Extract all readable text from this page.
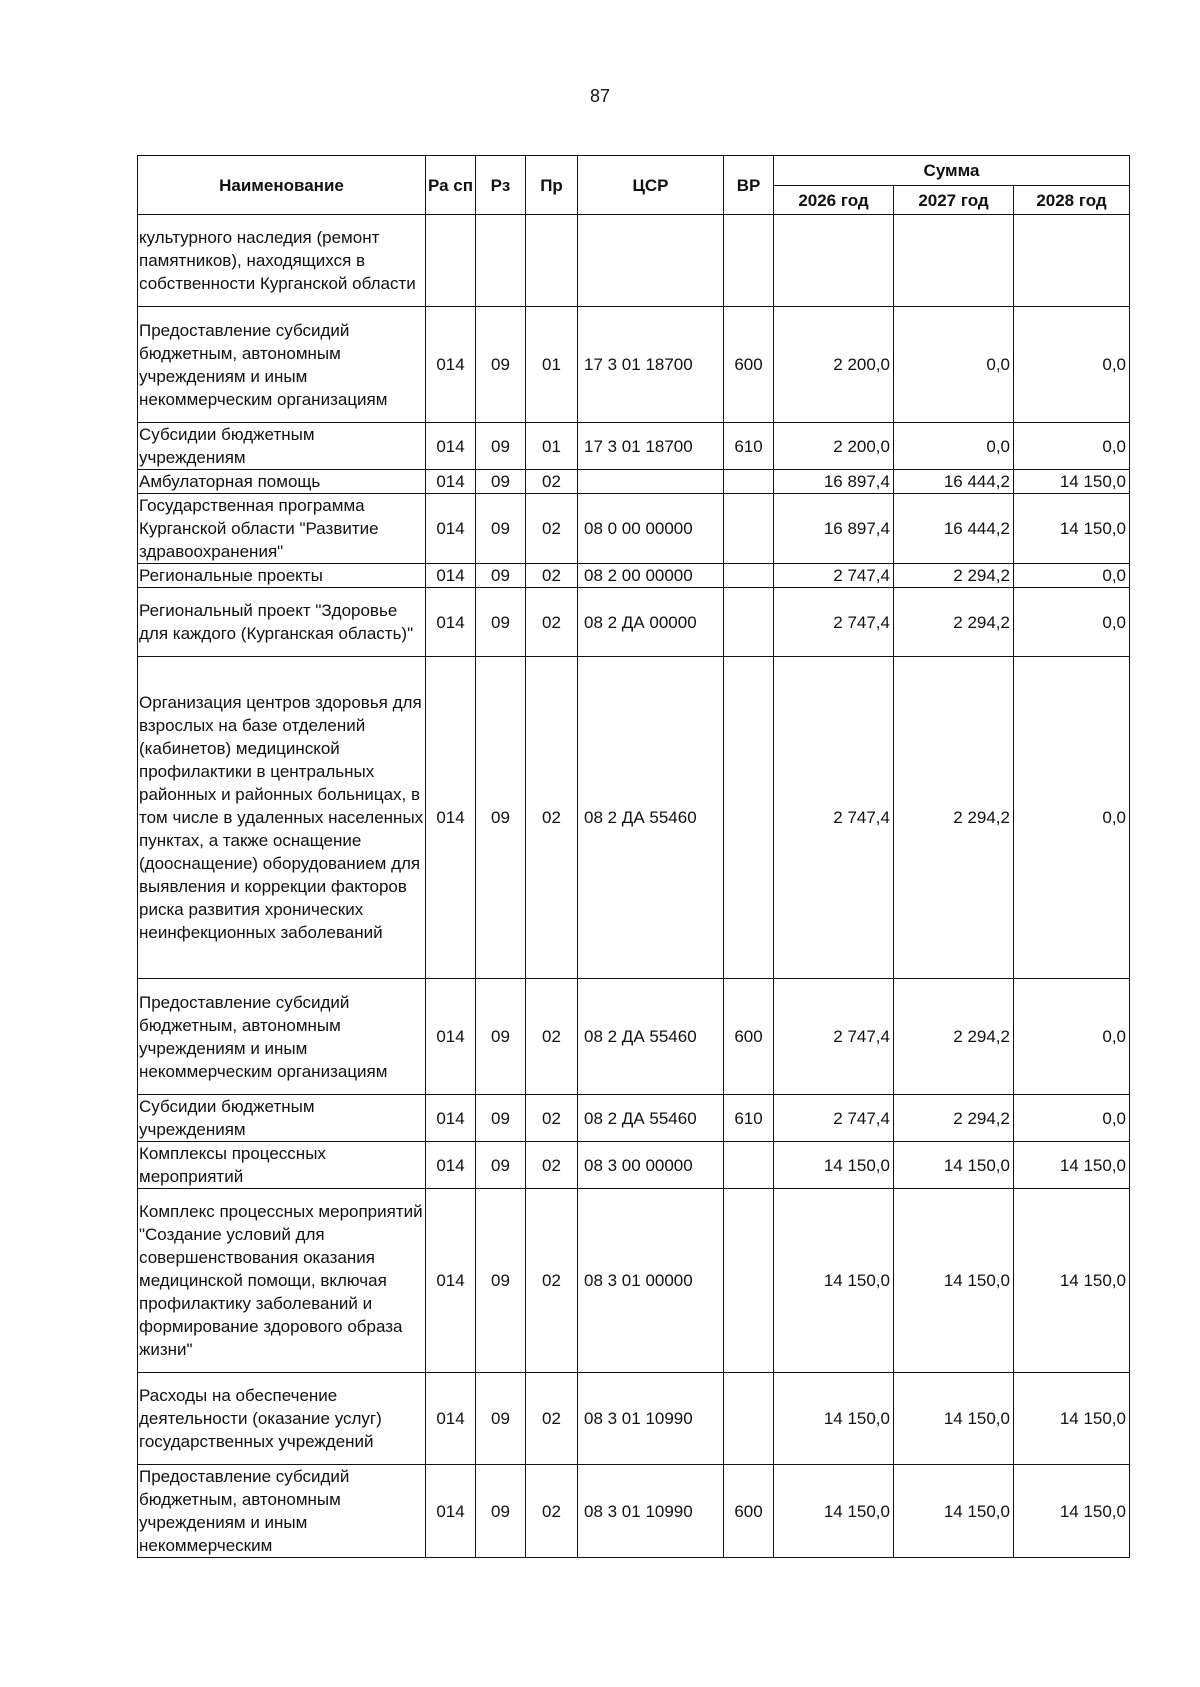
87
Наименование	Ра сп	Рз	Пр	ЦСР	ВР	Сумма		
						2026 год	2027 год	2028 год
культурного наследия (ремонт памятников), находящихся в собственности Курганской области								
Предоставление субсидий бюджетным, автономным учреждениям и иным некоммерческим организациям	014	09	01	17 3 01 18700	600	2 200,0	0,0	0,0
Субсидии бюджетным учреждениям	014	09	01	17 3 01 18700	610	2 200,0	0,0	0,0
Амбулаторная помощь	014	09	02			16 897,4	16 444,2	14 150,0
Государственная программа Курганской области "Развитие здравоохранения"	014	09	02	08 0 00 00000		16 897,4	16 444,2	14 150,0
Региональные проекты	014	09	02	08 2 00 00000		2 747,4	2 294,2	0,0
Региональный проект "Здоровье для каждого (Курганская область)"	014	09	02	08 2 ДА 00000		2 747,4	2 294,2	0,0
Организация центров здоровья для взрослых на базе отделений (кабинетов) медицинской профилактики в центральных районных и районных больницах, в том числе в удаленных населенных пунктах, а также оснащение (дооснащение) оборудованием для выявления и коррекции факторов риска развития хронических неинфекционных заболеваний	014	09	02	08 2 ДА 55460		2 747,4	2 294,2	0,0
Предоставление субсидий бюджетным, автономным учреждениям и иным некоммерческим организациям	014	09	02	08 2 ДА 55460	600	2 747,4	2 294,2	0,0
Субсидии бюджетным учреждениям	014	09	02	08 2 ДА 55460	610	2 747,4	2 294,2	0,0
Комплексы процессных мероприятий	014	09	02	08 3 00 00000		14 150,0	14 150,0	14 150,0
Комплекс процессных мероприятий "Создание условий для совершенствования оказания медицинской помощи, включая профилактику заболеваний и формирование здорового образа жизни"	014	09	02	08 3 01 00000		14 150,0	14 150,0	14 150,0
Расходы на обеспечение деятельности (оказание услуг) государственных учреждений	014	09	02	08 3 01 10990		14 150,0	14 150,0	14 150,0
Предоставление субсидий бюджетным, автономным учреждениям и иным некоммерческим	014	09	02	08 3 01 10990	600	14 150,0	14 150,0	14 150,0
